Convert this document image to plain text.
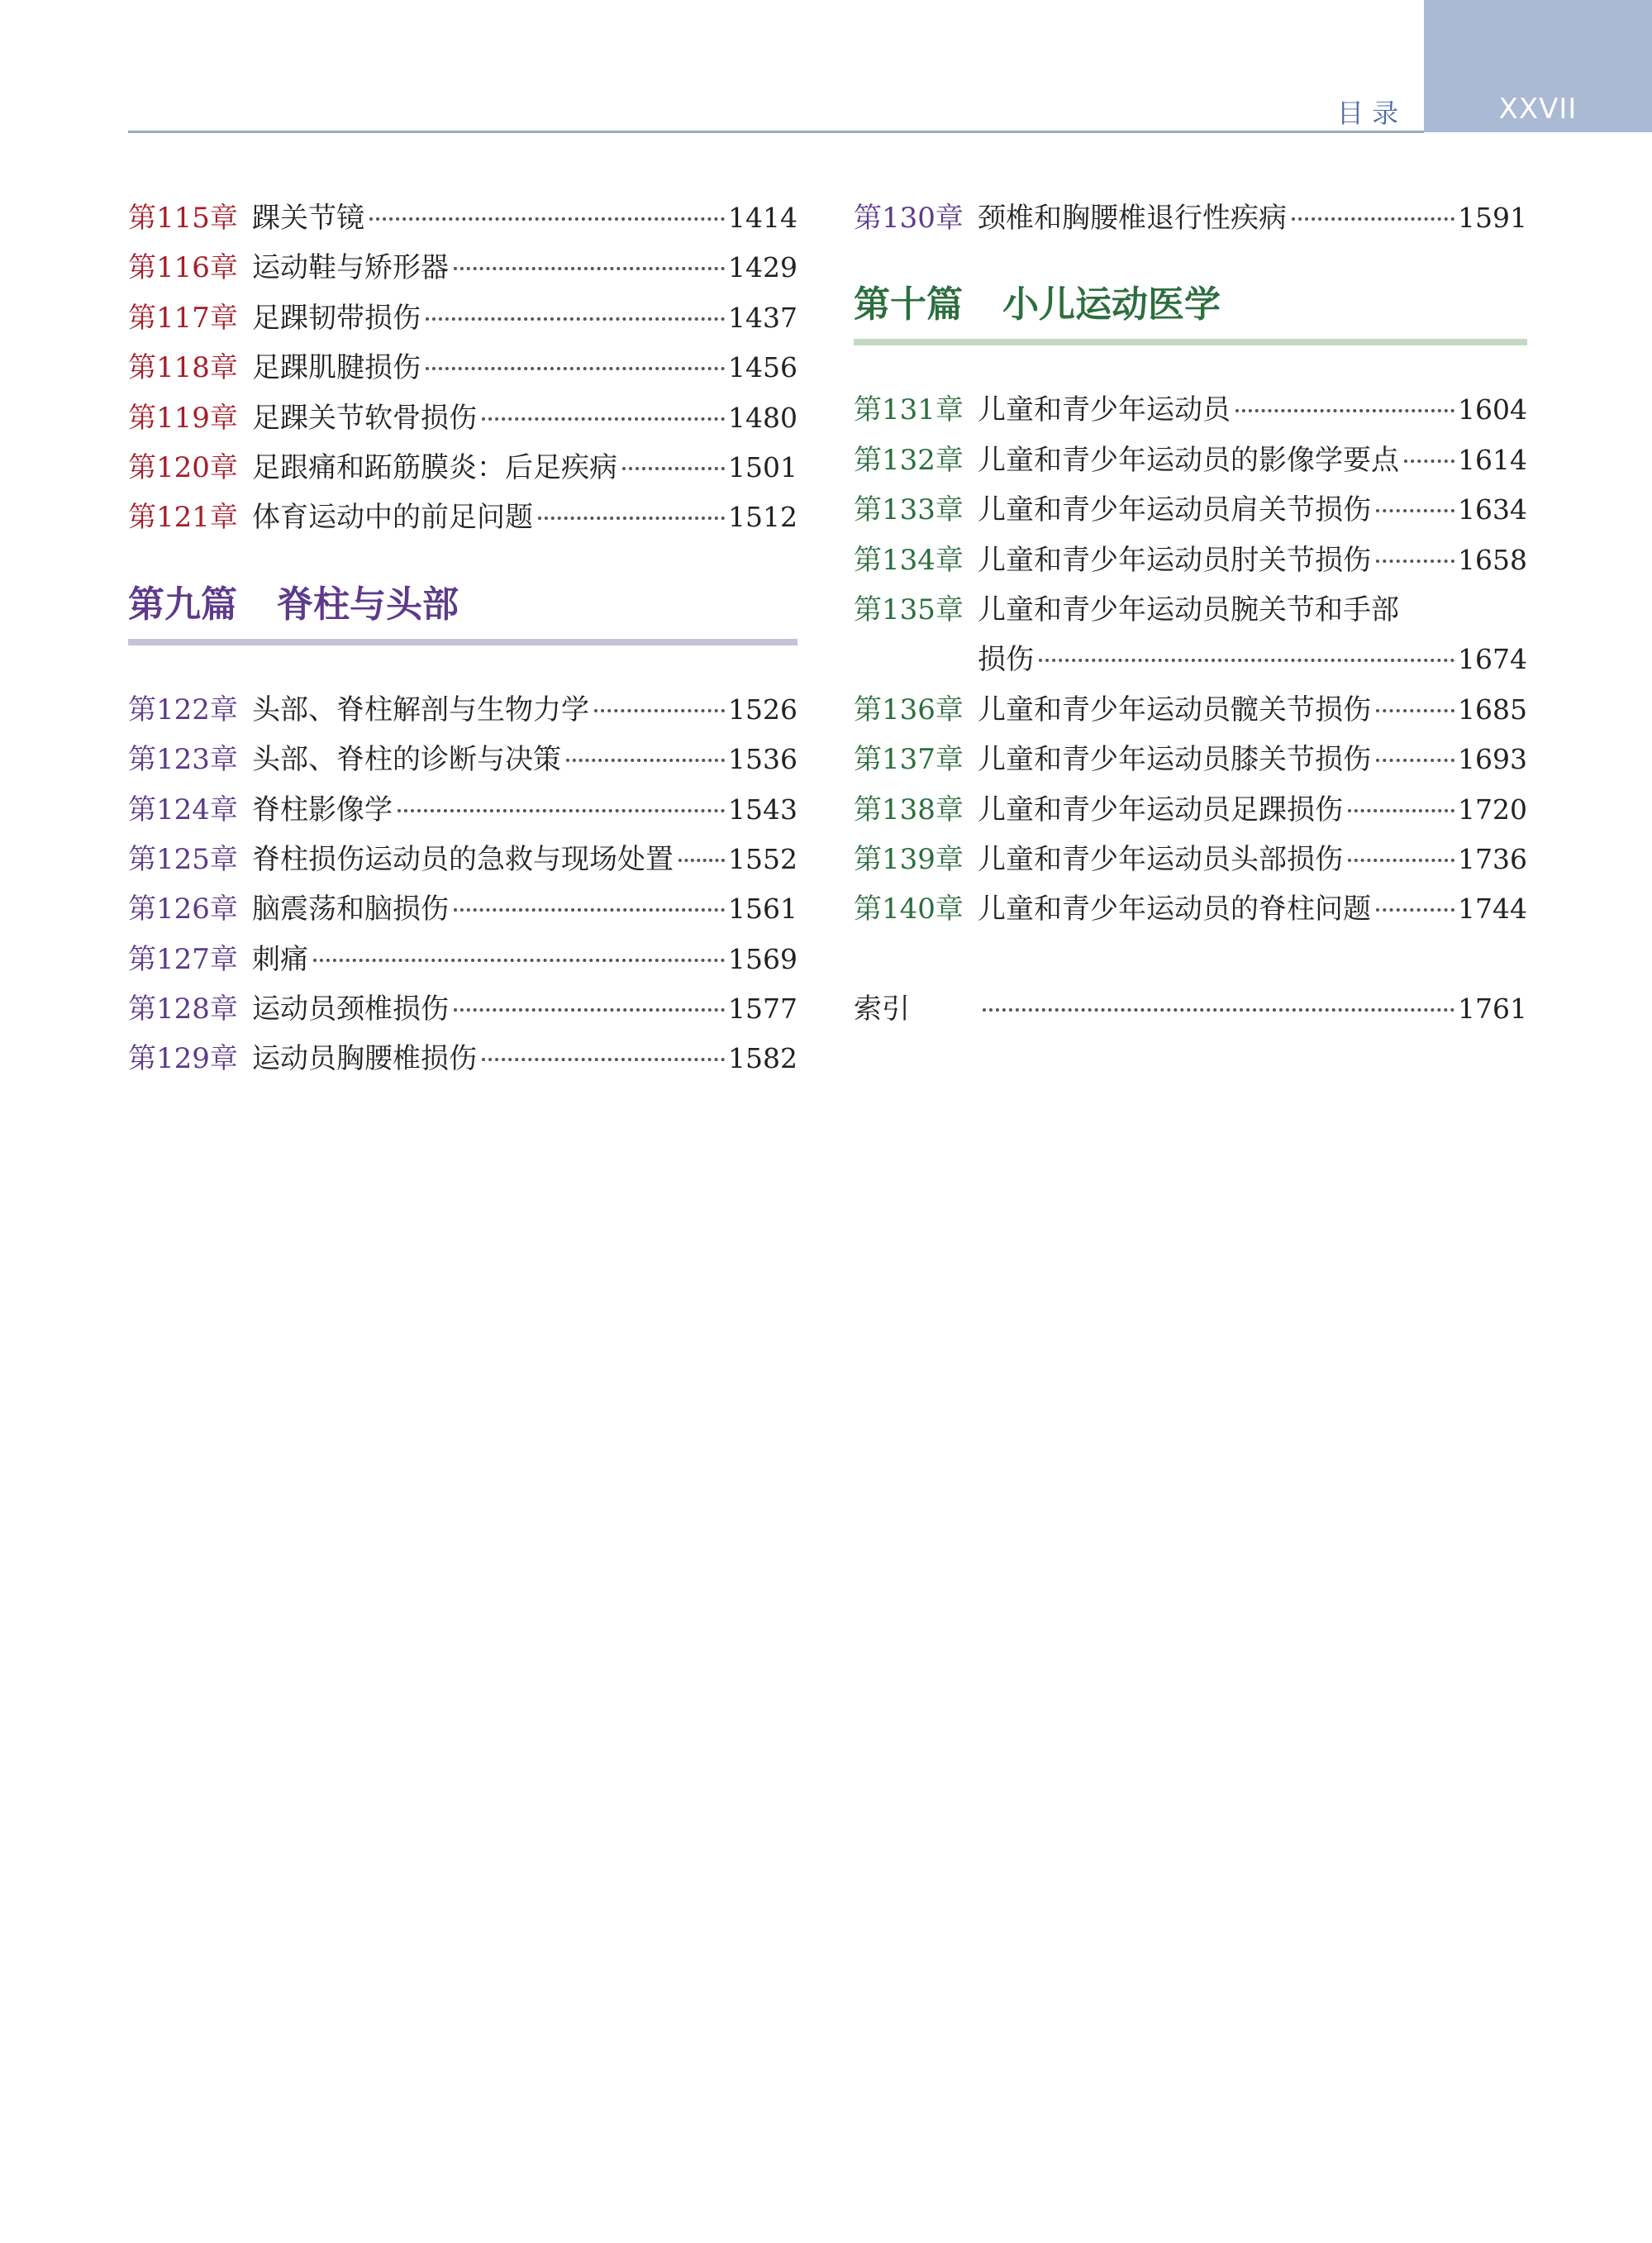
目 录	XXVII
第115章 踝关节镜	1414
第116章 运动鞋与矫形器	1429
第117章 足踝韧带损伤	1437
第118章 足踝肌腱损伤	1456
第119章 足踝关节软骨损伤	1480
第120章 足跟痛和跖筋膜炎：后足疾病	1501
第121章 体育运动中的前足问题	1512
第九篇 脊柱与头部
第122章 头部、脊柱解剖与生物力学	1526
第123章 头部、脊柱的诊断与决策	1536
第124章 脊柱影像学	1543
第125章 脊柱损伤运动员的急救与现场处置 1552
第126章 脑震荡和脑损伤	1561
第127章 刺痛	1569
第128章 运动员颈椎损伤	1577
第129章 运动员胸腰椎损伤	1582
第130章 颈椎和胸腰椎退行性疾病	1591
第十篇 小儿运动医学
第131章 儿童和青少年运动员	1604
第132章 儿童和青少年运动员的影像学要点 1614
第133章 儿童和青少年运动员肩关节损伤	1634
第134章 儿童和青少年运动员肘关节损伤	1658
第135章 儿童和青少年运动员腕关节和手部
损伤	1674
第136章 儿童和青少年运动员髋关节损伤	1685
第137章 儿童和青少年运动员膝关节损伤	1693
第138章 儿童和青少年运动员足踝损伤	1720
第139章 儿童和青少年运动员头部损伤	1736
第140章 儿童和青少年运动员的脊柱问题	1744
索引	1761
